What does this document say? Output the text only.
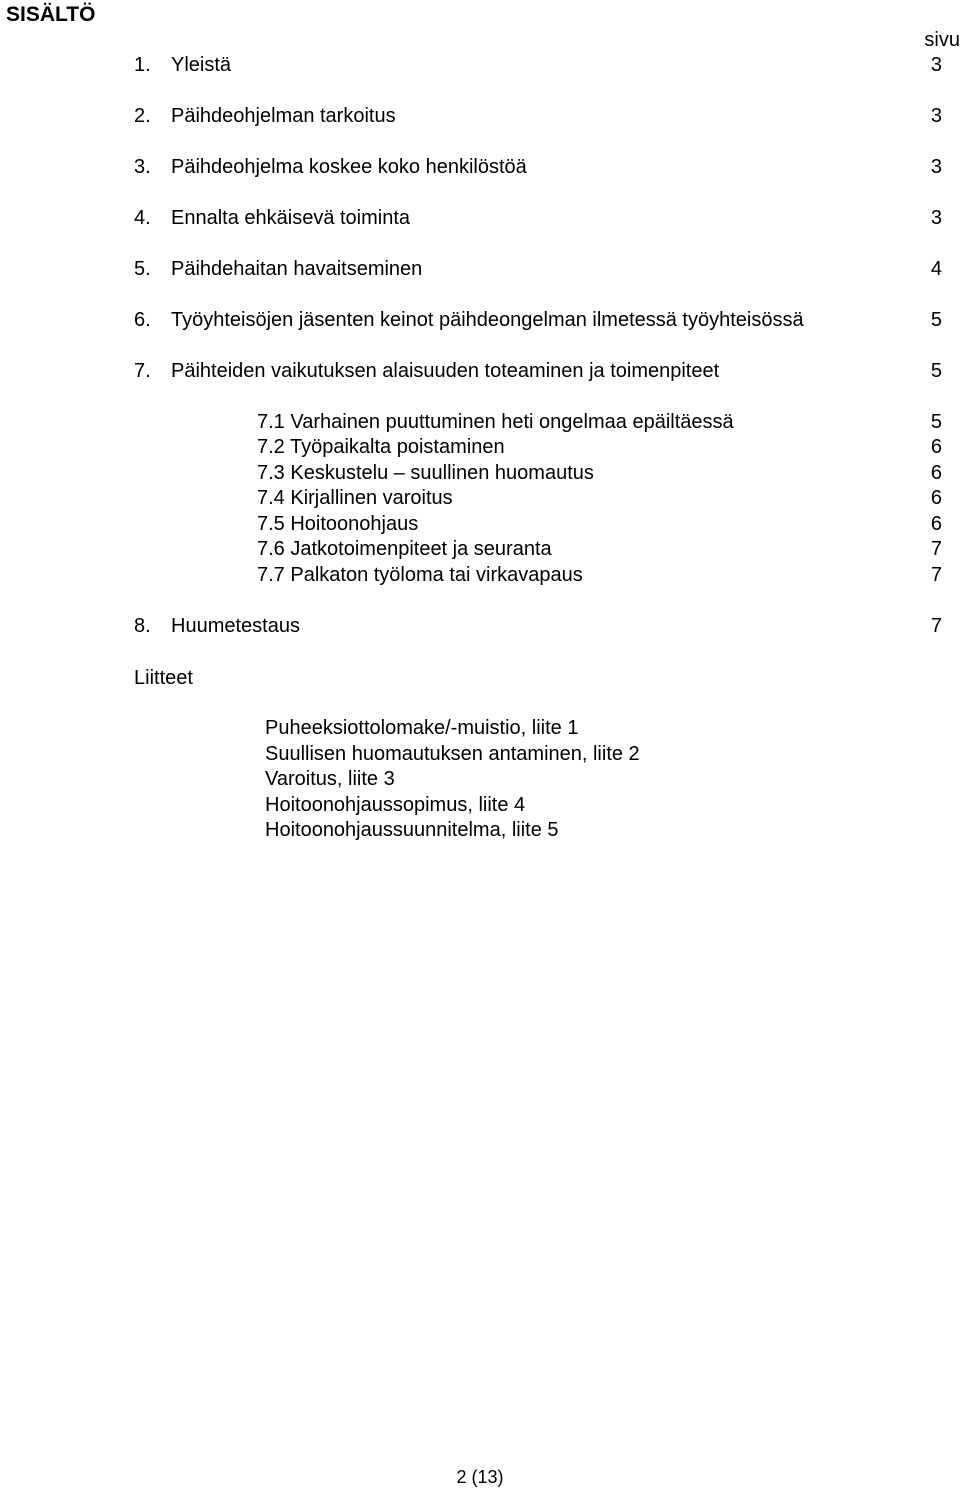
SISÄLTÖ
sivu
1. Yleistä	3
2. Päihdeohjelman tarkoitus	3
3. Päihdeohjelma koskee koko henkilöstöä	3
4. Ennalta ehkäisevä toiminta	3
5. Päihdehaitan havaitseminen	4
6. Työyhteisöjen jäsenten keinot päihdeongelman ilmetessä työyhteisössä	5
7. Päihteiden vaikutuksen alaisuuden toteaminen ja toimenpiteet	5
7.1 Varhainen puuttuminen heti ongelmaa epäiltäessä	5
7.2 Työpaikalta poistaminen	6
7.3 Keskustelu – suullinen huomautus	6
7.4 Kirjallinen varoitus	6
7.5 Hoitoonohjaus	6
7.6 Jatkotoimenpiteet ja seuranta	7
7.7 Palkaton työloma tai virkavapaus	7
8. Huumetestaus	7
Liitteet
Puheeksiottolomake/-muistio, liite 1
Suullisen huomautuksen antaminen, liite 2
Varoitus, liite 3
Hoitoonohjaussopimus, liite 4
Hoitoonohjaussuunnitelma, liite 5
2 (13)
